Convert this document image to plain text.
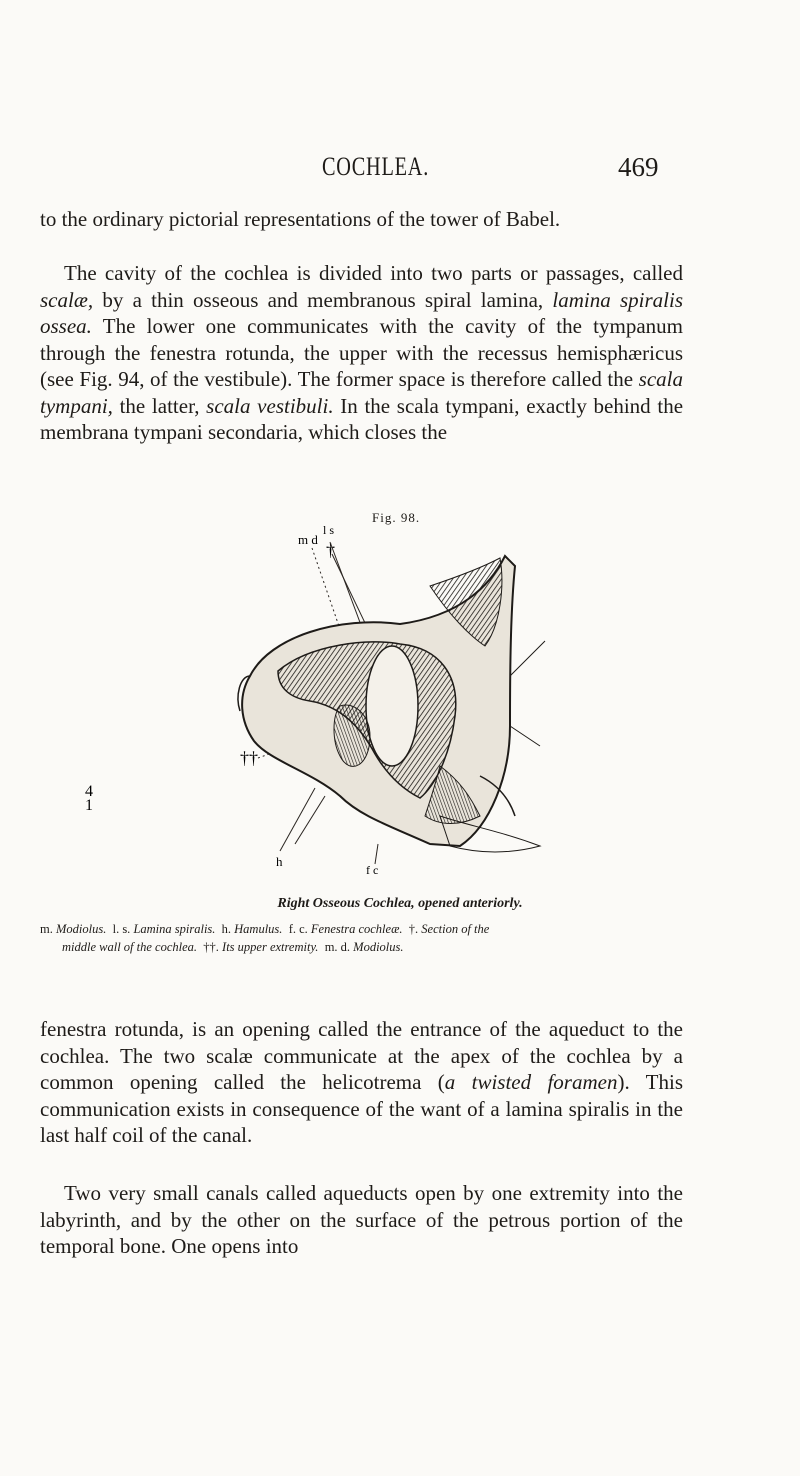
COCHLEA.	469

to the ordinary pictorial representations of the tower of Babel.

The cavity of the cochlea is divided into two parts or passages, called scalæ, by a thin osseous and membranous spiral lamina, lamina spiralis ossea. The lower one communicates with the cavity of the tympanum through the fenestra rotunda, the upper with the recessus hemisphæricus (see Fig. 94, of the vestibule). The former space is therefore called the scala tympani, the latter, scala vestibuli. In the scala tympani, exactly behind the membrana tympani secondaria, which closes the

Fig. 98.
m d
l s
†
††
4
1
h
f c
Right Osseous Cochlea, opened anteriorly.

m. Modiolus. l. s. Lamina spiralis. h. Hamulus. f. c. Fenestra cochleæ. †. Section of the
middle wall of the cochlea. ††. Its upper extremity. m. d. Modiolus.

fenestra rotunda, is an opening called the entrance of the aqueduct to the cochlea. The two scalæ communicate at the apex of the cochlea by a common opening called the helicotrema (a twisted foramen). This communication exists in consequence of the want of a lamina spiralis in the last half coil of the canal.

Two very small canals called aqueducts open by one extremity into the labyrinth, and by the other on the surface of the petrous portion of the temporal bone. One opens into
